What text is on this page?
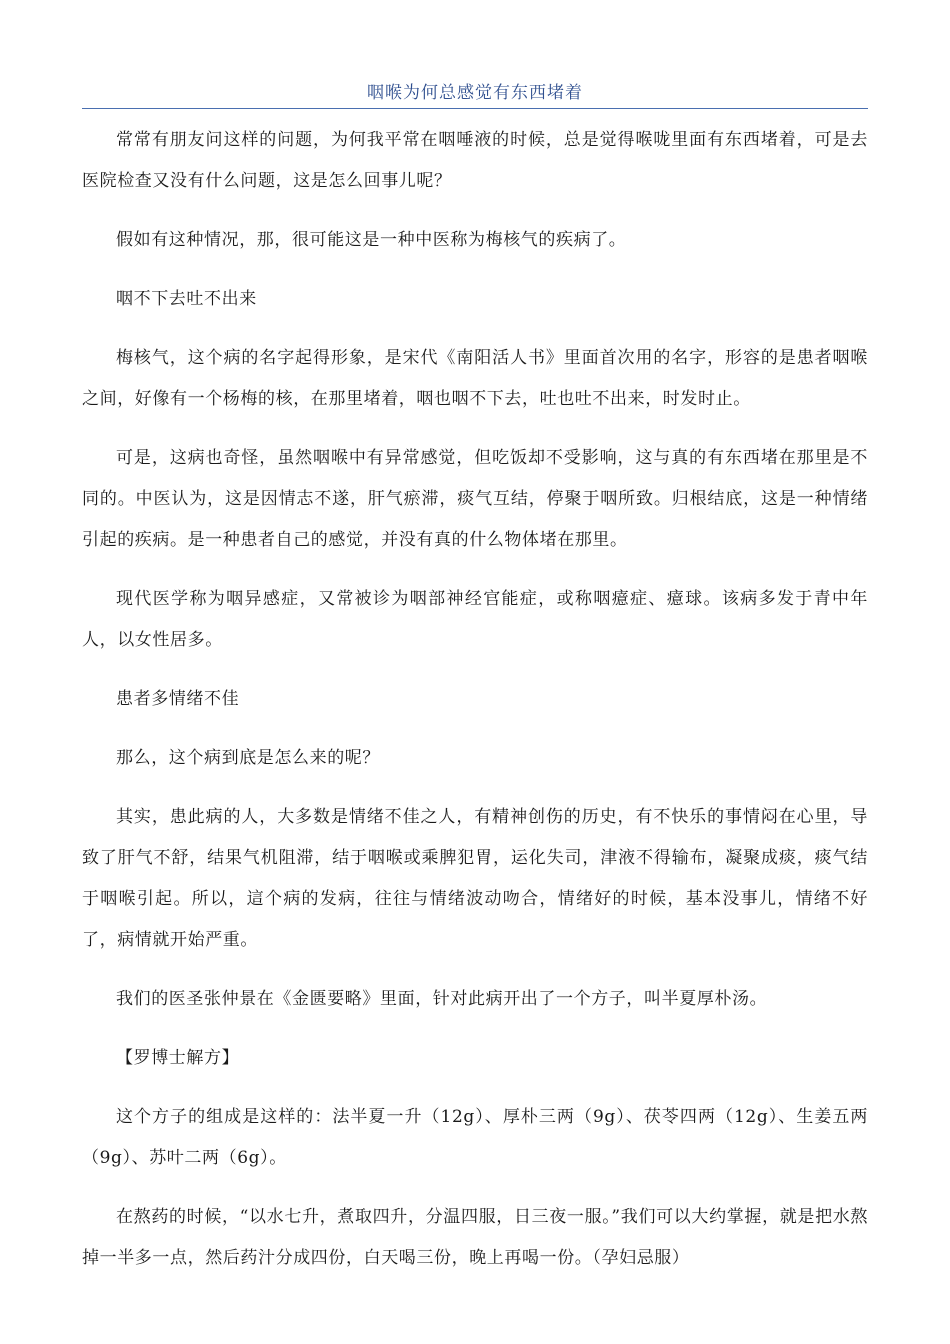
咽喉为何总感觉有东西堵着

常常有朋友问这样的问题，为何我平常在咽唾液的时候，总是觉得喉咙里面有东西堵着，可是去医院检查又没有什么问题，这是怎么回事儿呢？

假如有这种情况，那，很可能这是一种中医称为梅核气的疾病了。

咽不下去吐不出来

梅核气，这个病的名字起得形象，是宋代《南阳活人书》里面首次用的名字，形容的是患者咽喉之间，好像有一个杨梅的核，在那里堵着，咽也咽不下去，吐也吐不出来，时发时止。

可是，这病也奇怪，虽然咽喉中有异常感觉，但吃饭却不受影响，这与真的有东西堵在那里是不同的。中医认为，这是因情志不遂，肝气瘀滞，痰气互结，停聚于咽所致。归根结底，这是一种情绪引起的疾病。是一种患者自己的感觉，并没有真的什么物体堵在那里。

现代医学称为咽异感症，又常被诊为咽部神经官能症，或称咽癔症、癔球。该病多发于青中年人，以女性居多。

患者多情绪不佳

那么，这个病到底是怎么来的呢？

其实，患此病的人，大多数是情绪不佳之人，有精神创伤的历史，有不快乐的事情闷在心里，导致了肝气不舒，结果气机阻滞，结于咽喉或乘脾犯胃，运化失司，津液不得输布，凝聚成痰，痰气结于咽喉引起。所以，這个病的发病，往往与情绪波动吻合，情绪好的时候，基本没事儿，情绪不好了，病情就开始严重。

我们的医圣张仲景在《金匮要略》里面，针对此病开出了一个方子，叫半夏厚朴汤。

【罗博士解方】

这个方子的组成是这样的：法半夏一升（12g）、厚朴三两（9g）、茯苓四两（12g）、生姜五两（9g）、苏叶二两（6g）。

在熬药的时候，“以水七升，煮取四升，分温四服，日三夜一服。”我们可以大约掌握，就是把水熬掉一半多一点，然后药汁分成四份，白天喝三份，晚上再喝一份。（孕妇忌服）
